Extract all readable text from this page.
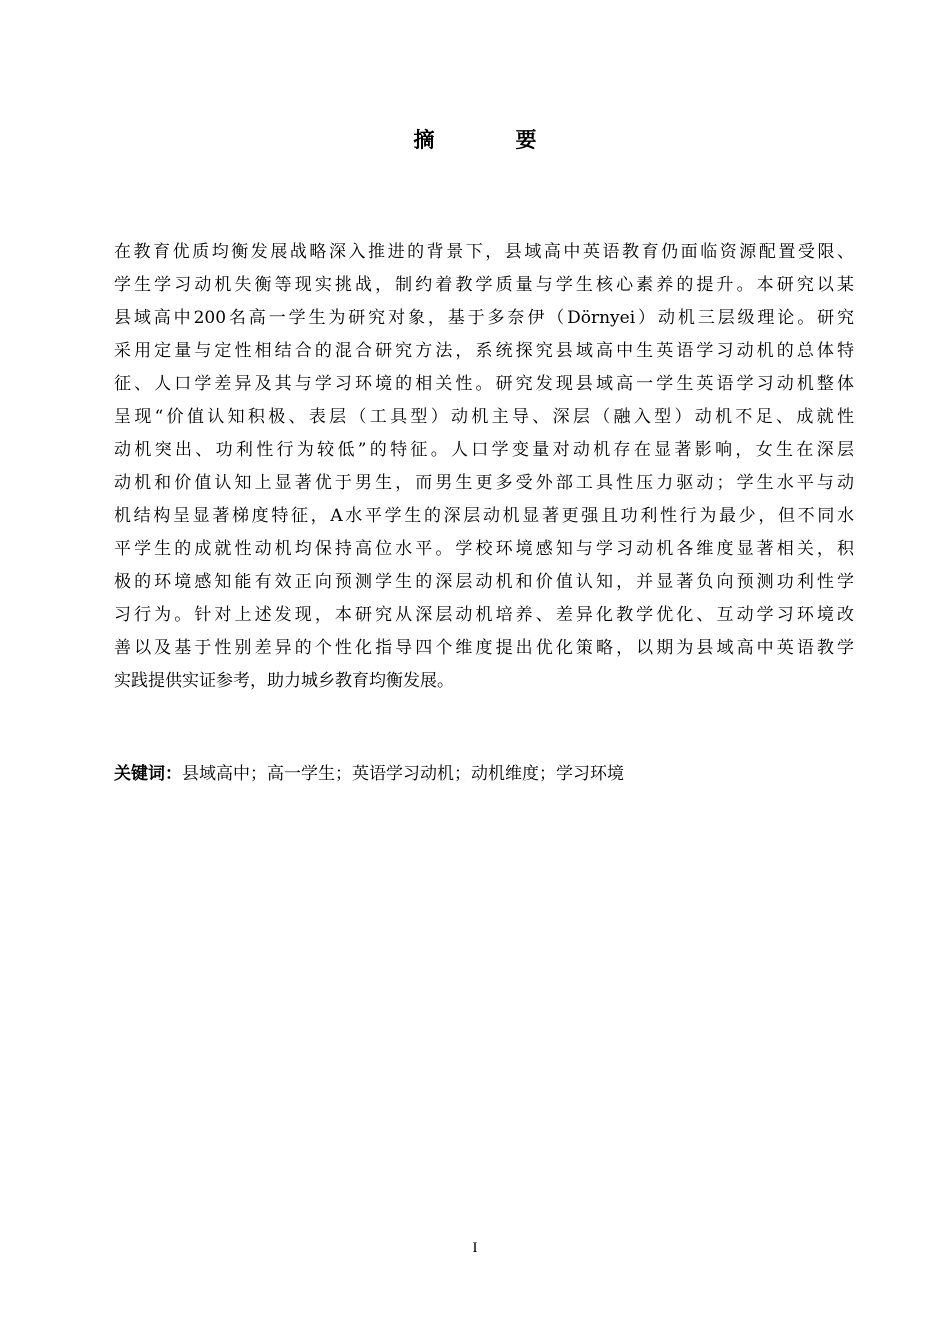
摘　要
在教育优质均衡发展战略深入推进的背景下，县域高中英语教育仍面临资源配置受限、
学生学习动机失衡等现实挑战，制约着教学质量与学生核心素养的提升。本研究以某
县域高中200名高一学生为研究对象，基于多奈伊（Dörnyei）动机三层级理论。研究
采用定量与定性相结合的混合研究方法，系统探究县域高中生英语学习动机的总体特
征、人口学差异及其与学习环境的相关性。研究发现县域高一学生英语学习动机整体
呈现“价值认知积极、表层（工具型）动机主导、深层（融入型）动机不足、成就性
动机突出、功利性行为较低”的特征。人口学变量对动机存在显著影响，女生在深层
动机和价值认知上显著优于男生，而男生更多受外部工具性压力驱动；学生水平与动
机结构呈显著梯度特征，A水平学生的深层动机显著更强且功利性行为最少，但不同水
平学生的成就性动机均保持高位水平。学校环境感知与学习动机各维度显著相关，积
极的环境感知能有效正向预测学生的深层动机和价值认知，并显著负向预测功利性学
习行为。针对上述发现，本研究从深层动机培养、差异化教学优化、互动学习环境改
善以及基于性别差异的个性化指导四个维度提出优化策略，以期为县域高中英语教学
实践提供实证参考，助力城乡教育均衡发展。
关键词：县域高中；高一学生；英语学习动机；动机维度；学习环境
I
